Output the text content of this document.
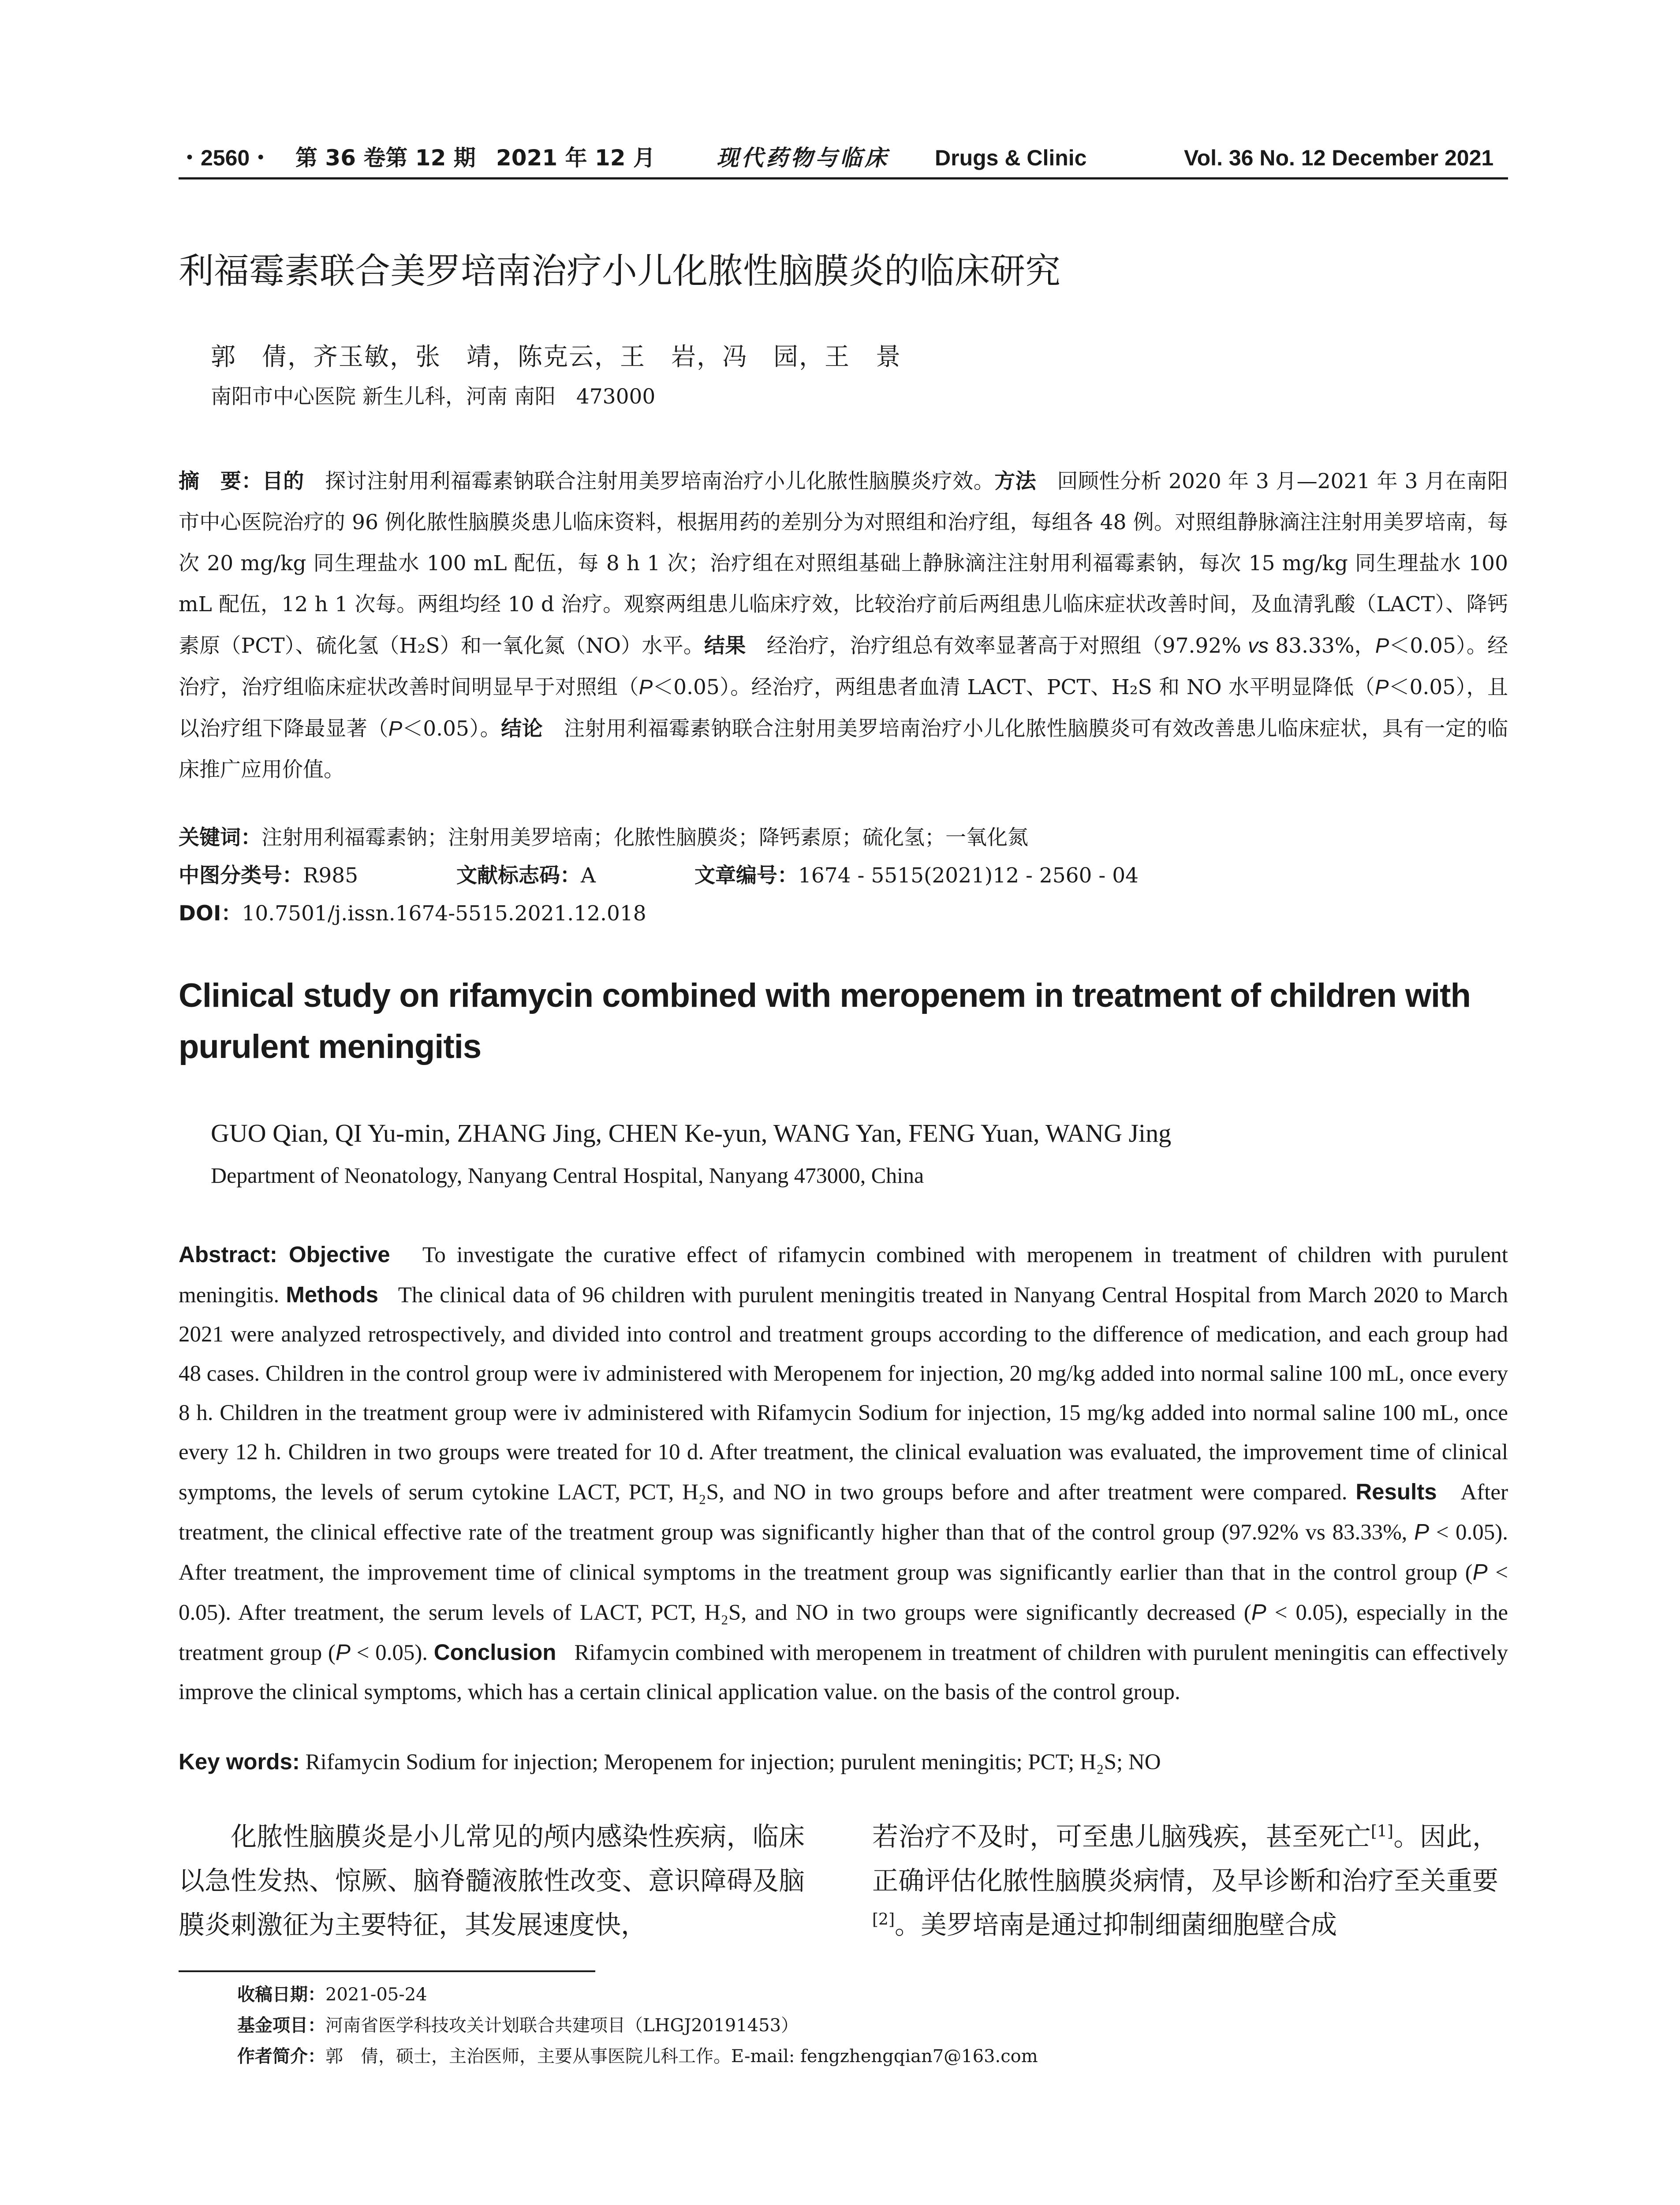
・2560・ 第 36 卷第 12 期 2021 年 12 月	现代药物与临床 Drugs & Clinic	Vol. 36 No. 12 December 2021
利福霉素联合美罗培南治疗小儿化脓性脑膜炎的临床研究
郭　倩，齐玉敏，张　靖，陈克云，王　岩，冯　园，王　景
南阳市中心医院 新生儿科，河南 南阳　473000

摘　要：目的　 探讨注射用利福霉素钠联合注射用美罗培南治疗小儿化脓性脑膜炎疗效。方法　 回顾性分析 2020 年 3 月—2021 年 3 月在南阳市中心医院治疗的 96 例化脓性脑膜炎患儿临床资料，根据用药的差别分为对照组和治疗组，每组各 48 例。对照组静脉滴注注射用美罗培南，每次 20 mg/kg 同生理盐水 100 mL 配伍，每 8 h 1 次；治疗组在对照组基础上静脉滴注注射用利福霉素钠，每次 15 mg/kg 同生理盐水 100 mL 配伍，12 h 1 次每。两组均经 10 d 治疗。观察两组患儿临床疗效，比较治疗前后两组患儿临床症状改善时间，及血清乳酸（LACT）、降钙素原（PCT）、硫化氢（H₂S）和一氧化氮（NO）水平。结果　 经治疗，治疗组总有效率显著高于对照组（97.92% vs 83.33%，P＜0.05）。经治疗，治疗组临床症状改善时间明显早于对照组（P＜0.05）。经治疗，两组患者血清 LACT、PCT、H₂S 和 NO 水平明显降低（P＜0.05），且以治疗组下降最显著（P＜0.05）。结论　 注射用利福霉素钠联合注射用美罗培南治疗小儿化脓性脑膜炎可有效改善患儿临床症状，具有一定的临床推广应用价值。

关键词：注射用利福霉素钠；注射用美罗培南；化脓性脑膜炎；降钙素原；硫化氢；一氧化氮
中图分类号：R985	文献标志码：A	文章编号：1674 - 5515(2021)12 - 2560 - 04
DOI：10.7501/j.issn.1674-5515.2021.12.018
Clinical study on rifamycin combined with meropenem in treatment of children with purulent meningitis
GUO Qian, QI Yu-min, ZHANG Jing, CHEN Ke-yun, WANG Yan, FENG Yuan, WANG Jing
Department of Neonatology, Nanyang Central Hospital, Nanyang 473000, China

Abstract: Objective To investigate the curative effect of rifamycin combined with meropenem in treatment of children with purulent meningitis. Methods The clinical data of 96 children with purulent meningitis treated in Nanyang Central Hospital from March 2020 to March 2021 were analyzed retrospectively, and divided into control and treatment groups according to the difference of medication, and each group had 48 cases. Children in the control group were iv administered with Meropenem for injection, 20 mg/kg added into normal saline 100 mL, once every 8 h. Children in the treatment group were iv administered with Rifamycin Sodium for injection, 15 mg/kg added into normal saline 100 mL, once every 12 h. Children in two groups were treated for 10 d. After treatment, the clinical evaluation was evaluated, the improvement time of clinical symptoms, the levels of serum cytokine LACT, PCT, H₂S, and NO in two groups before and after treatment were compared. Results After treatment, the clinical effective rate of the treatment group was significantly higher than that of the control group (97.92% vs 83.33%, P < 0.05). After treatment, the improvement time of clinical symptoms in the treatment group was significantly earlier than that in the control group (P < 0.05). After treatment, the serum levels of LACT, PCT, H₂S, and NO in two groups were significantly decreased (P < 0.05), especially in the treatment group (P < 0.05). Conclusion Rifamycin combined with meropenem in treatment of children with purulent meningitis can effectively improve the clinical symptoms, which has a certain clinical application value. on the basis of the control group.

Key words: Rifamycin Sodium for injection; Meropenem for injection; purulent meningitis; PCT; H₂S; NO

化脓性脑膜炎是小儿常见的颅内感染性疾病，临床以急性发热、惊厥、脑脊髓液脓性改变、意识障碍及脑膜炎刺激征为主要特征，其发展速度快，

若治疗不及时，可至患儿脑残疾，甚至死亡[1]。因此，正确评估化脓性脑膜炎病情，及早诊断和治疗至关重要[2]。美罗培南是通过抑制细菌细胞壁合成

收稿日期：2021-05-24
基金项目：河南省医学科技攻关计划联合共建项目（LHGJ20191453）
作者简介：郭　倩，硕士，主治医师，主要从事医院儿科工作。E-mail: fengzhengqian7@163.com
